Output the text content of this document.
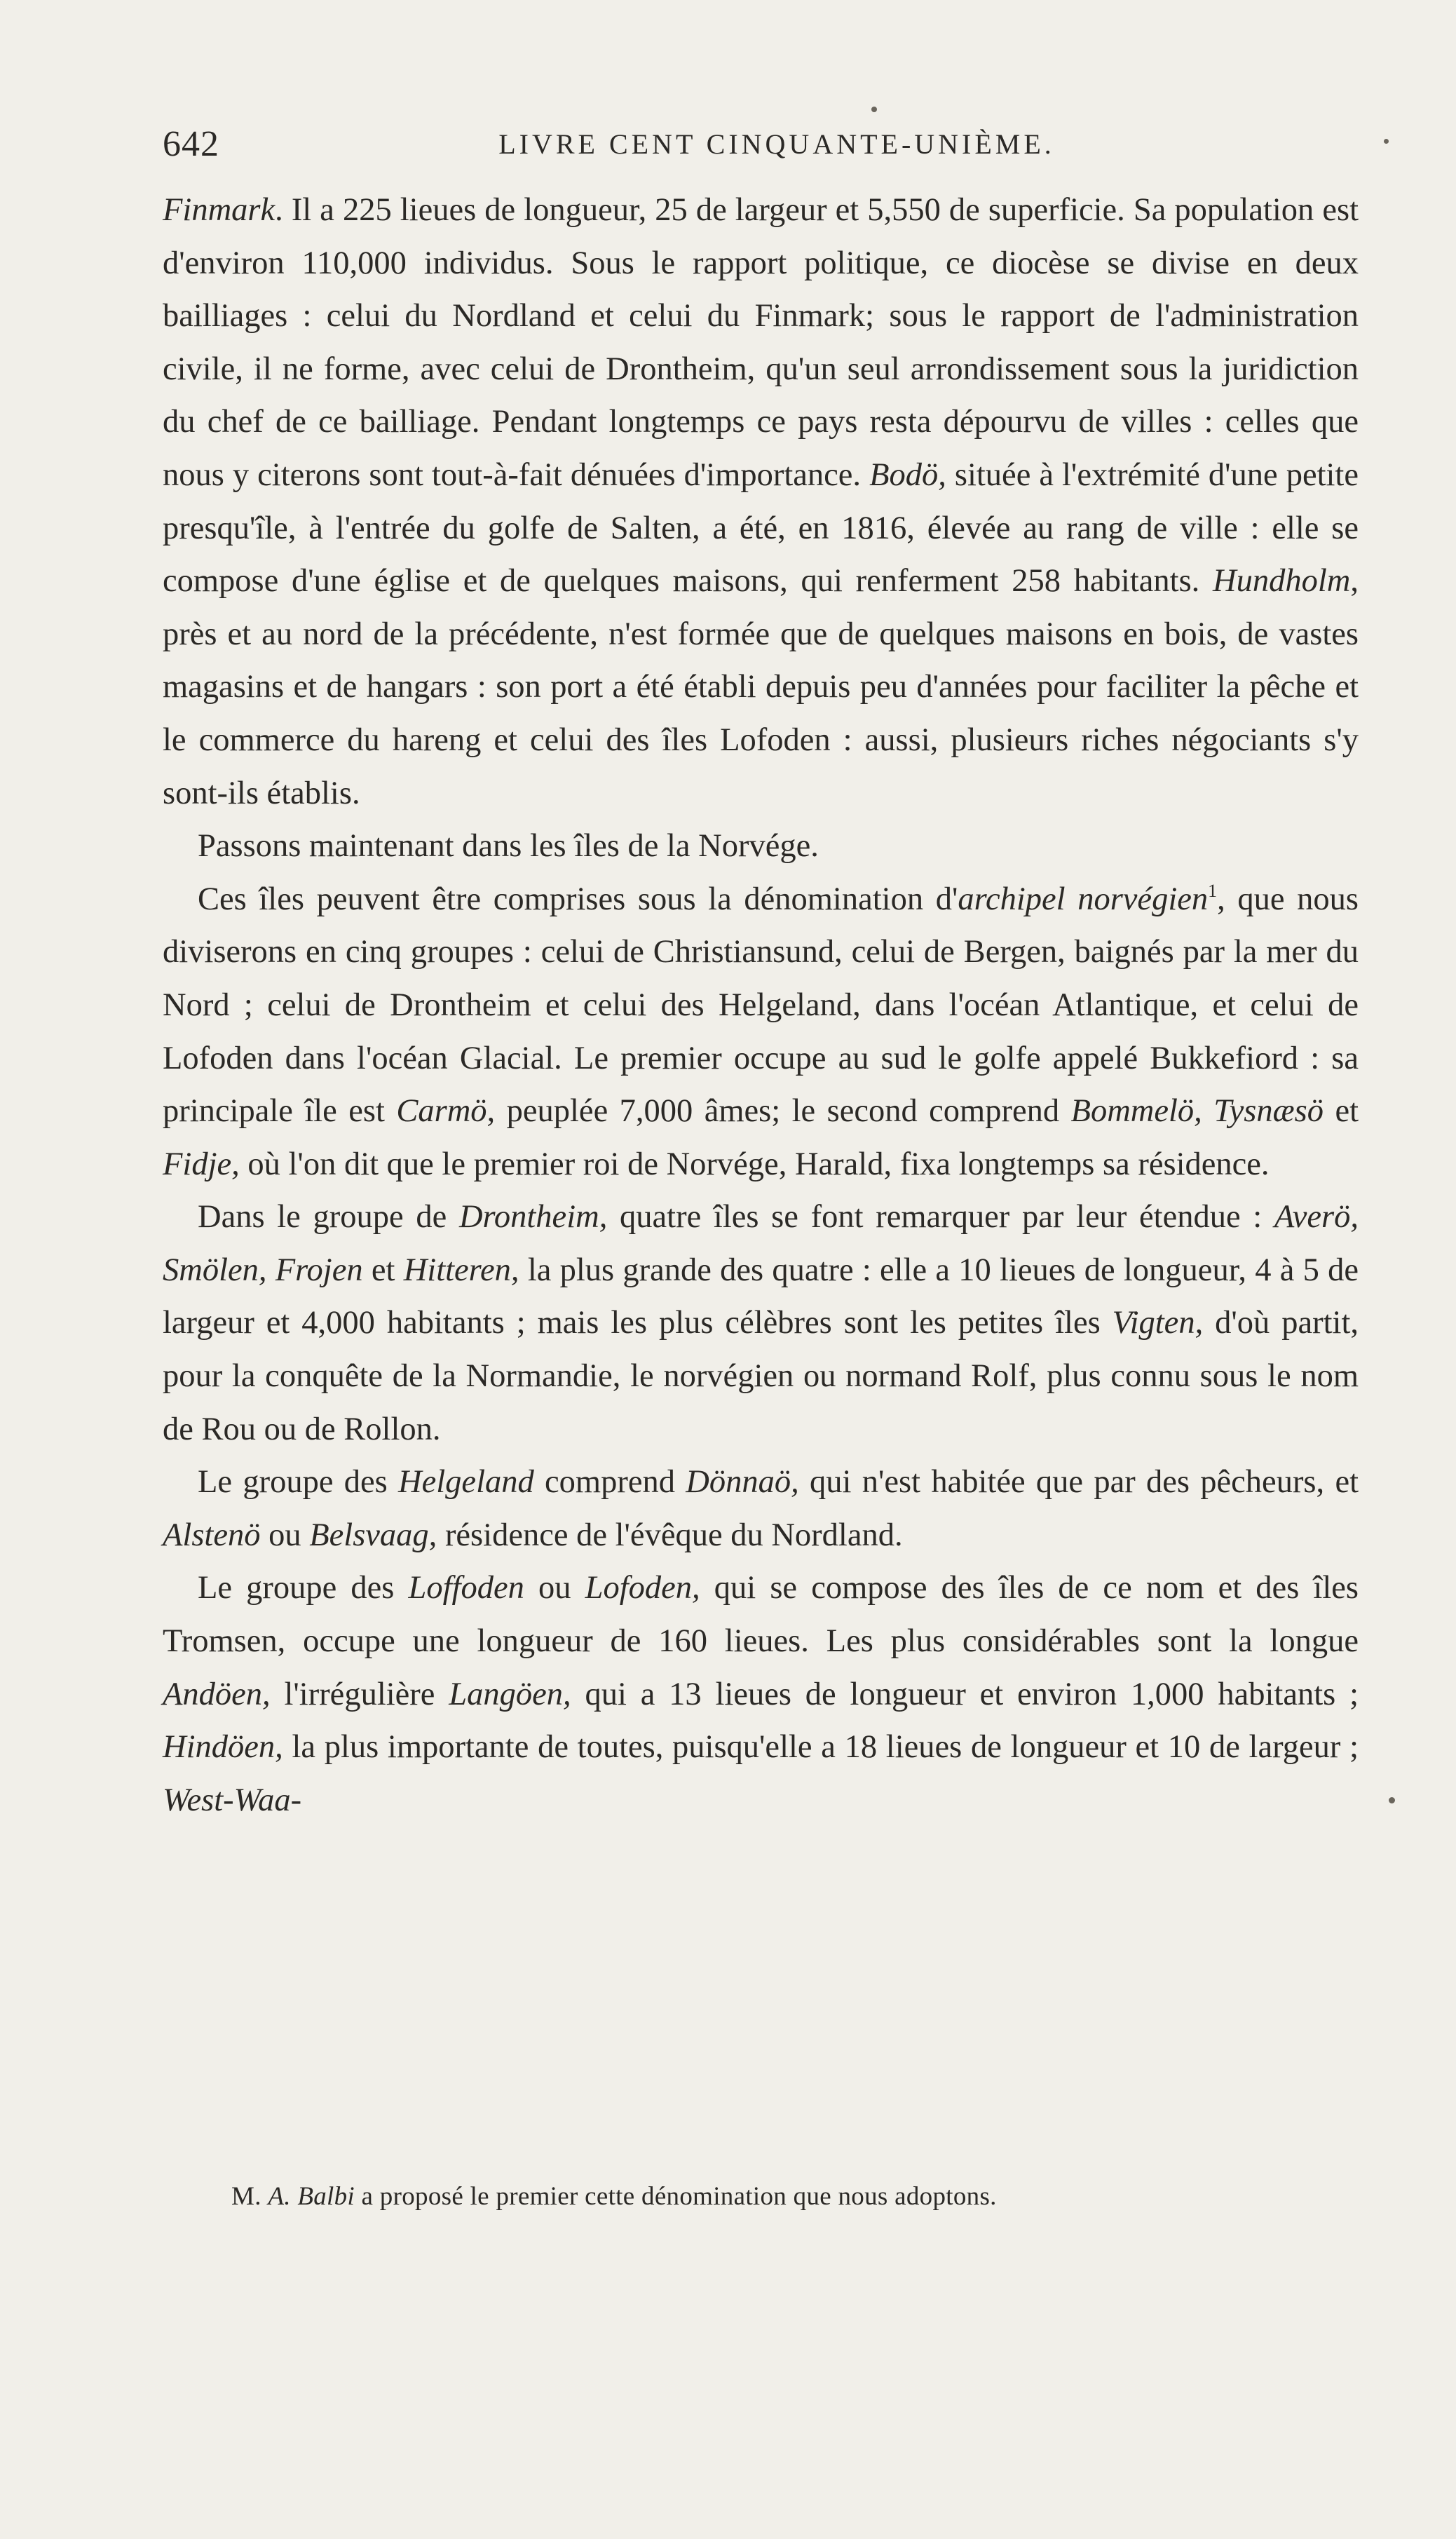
642	LIVRE CENT CINQUANTE-UNIÈME.

Finmark. Il a 225 lieues de longueur, 25 de largeur et 5,550 de superficie. Sa population est d'environ 110,000 individus. Sous le rapport politique, ce diocèse se divise en deux bailliages : celui du Nordland et celui du Finmark; sous le rapport de l'administration civile, il ne forme, avec celui de Drontheim, qu'un seul arrondissement sous la juridiction du chef de ce bailliage. Pendant longtemps ce pays resta dépourvu de villes : celles que nous y citerons sont tout-à-fait dénuées d'importance. Bodö, située à l'extrémité d'une petite presqu'île, à l'entrée du golfe de Salten, a été, en 1816, élevée au rang de ville : elle se compose d'une église et de quelques maisons, qui renferment 258 habitants. Hundholm, près et au nord de la précédente, n'est formée que de quelques maisons en bois, de vastes magasins et de hangars : son port a été établi depuis peu d'années pour faciliter la pêche et le commerce du hareng et celui des îles Lofoden : aussi, plusieurs riches négociants s'y sont-ils établis.

Passons maintenant dans les îles de la Norvége.

Ces îles peuvent être comprises sous la dénomination d'archipel norvégien$^1$, que nous diviserons en cinq groupes : celui de Christiansund, celui de Bergen, baignés par la mer du Nord ; celui de Drontheim et celui des Helgeland, dans l'océan Atlantique, et celui de Lofoden dans l'océan Glacial. Le premier occupe au sud le golfe appelé Bukkefiord : sa principale île est Carmö, peuplée 7,000 âmes; le second comprend Bommelö, Tysnæsö et Fidje, où l'on dit que le premier roi de Norvége, Harald, fixa longtemps sa résidence.

Dans le groupe de Drontheim, quatre îles se font remarquer par leur étendue : Averö, Smölen, Frojen et Hitteren, la plus grande des quatre : elle a 10 lieues de longueur, 4 à 5 de largeur et 4,000 habitants ; mais les plus célèbres sont les petites îles Vigten, d'où partit, pour la conquête de la Normandie, le norvégien ou normand Rolf, plus connu sous le nom de Rou ou de Rollon.

Le groupe des Helgeland comprend Dönnaö, qui n'est habitée que par des pêcheurs, et Alstenö ou Belsvaag, résidence de l'évêque du Nordland.

Le groupe des Loffoden ou Lofoden, qui se compose des îles de ce nom et des îles Tromsen, occupe une longueur de 160 lieues. Les plus considérables sont la longue Andöen, l'irrégulière Langöen, qui a 13 lieues de longueur et environ 1,000 habitants ; Hindöen, la plus importante de toutes, puisqu'elle a 18 lieues de longueur et 10 de largeur ; West-Waa-

M. A. Balbi a proposé le premier cette dénomination que nous adoptons.
